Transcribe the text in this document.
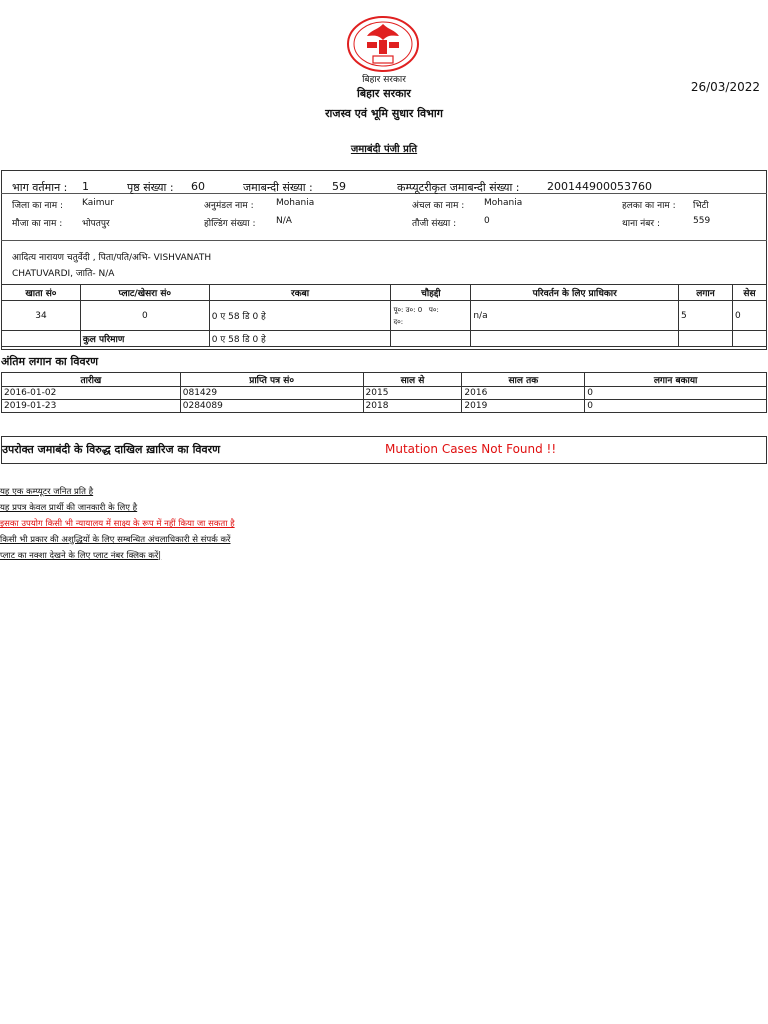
बिहार सरकार
बिहार सरकार
राजस्व एवं भूमि सुधार विभाग
जमाबंदी पंजी प्रति
26/03/2022
भाग वर्तमान : 1	पृष्ठ संख्या : 60	जमाबन्दी संख्या : 59	कम्प्यूटरीकृत जमाबन्दी संख्या : 200144900053760
जिला का नाम : Kaimur	अनुमंडल नाम : Mohania	अंचल का नाम : Mohania	हलका का नाम : भिटी
मौजा का नाम : भोपतपुर	होल्डिंग संख्या : N/A	तौजी संख्या :	0	थाना नंबर :	559
आदित्य नारायण चतुर्वेदी , पिता/पति/अभि- VISHVANATH
CHATUVARDI, जाति- N/A
खाता सं०	प्लाट/खेसरा सं०	रकबा	चौहद्दी	परिवर्तन के लिए प्राधिकार	लगान	सेस
34	0	0 ए 58 डि 0 हे	पू०: उ०: 0 प०:
द०:	n/a	5	0
	कुल परिमाण	0 ए 58 डि 0 हे				
अंतिम लगान का विवरण
तारीख	प्राप्ति पत्र सं०	साल से	साल तक	लगान बकाया
2016-01-02	081429	2015	2016	0
2019-01-23	0284089	2018	2019	0
उपरोक्त जमाबंदी के विरुद्ध दाखिल ख़ारिज का विवरण	Mutation Cases Not Found !!
यह एक कम्प्यूटर जनित प्रति है
यह प्रपत्र केवल प्रार्थी की जानकारी के लिए है
इसका उपयोग किसी भी न्यायालय में साक्ष्य के रूप में नहीं किया जा सकता है
किसी भी प्रकार की अशुद्धियों के लिए सम्बन्धित अंचलाधिकारी से संपर्क करें
प्लाट का नक्शा देखने के लिए प्लाट नंबर क्लिक करें|
